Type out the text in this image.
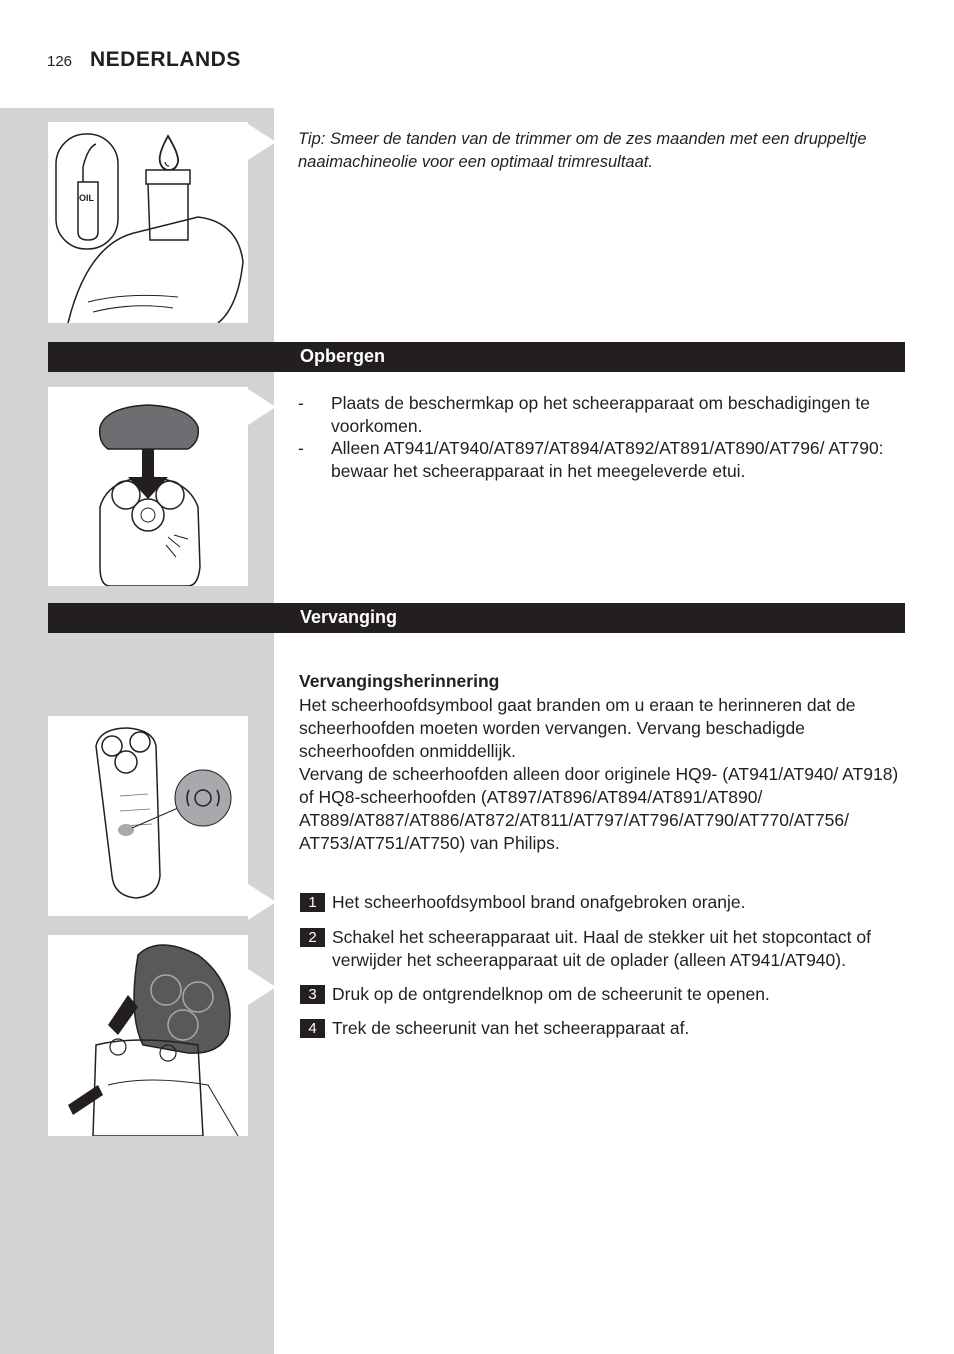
126 NEDERLANDS
OIL
Tip: Smeer de tanden van de trimmer om de zes maanden met een druppeltje naaimachineolie voor een optimaal trimresultaat.
Opbergen
- Plaats de beschermkap op het scheerapparaat om beschadigingen te voorkomen.
- Alleen AT941/AT940/AT897/AT894/AT892/AT891/AT890/AT796/ AT790: bewaar het scheerapparaat in het meegeleverde etui.
Vervanging
Vervangingsherinnering
Het scheerhoofdsymbool gaat branden om u eraan te herinneren dat de scheerhoofden moeten worden vervangen. Vervang beschadigde scheerhoofden onmiddellijk.
Vervang de scheerhoofden alleen door originele HQ9- (AT941/AT940/ AT918) of HQ8-scheerhoofden (AT897/AT896/AT894/AT891/AT890/ AT889/AT887/AT886/AT872/AT811/AT797/AT796/AT790/AT770/AT756/ AT753/AT751/AT750) van Philips.
1 Het scheerhoofdsymbool brand onafgebroken oranje.
2 Schakel het scheerapparaat uit. Haal de stekker uit het stopcontact of verwijder het scheerapparaat uit de oplader (alleen AT941/AT940).
3 Druk op de ontgrendelknop om de scheerunit te openen.
4 Trek de scheerunit van het scheerapparaat af.
